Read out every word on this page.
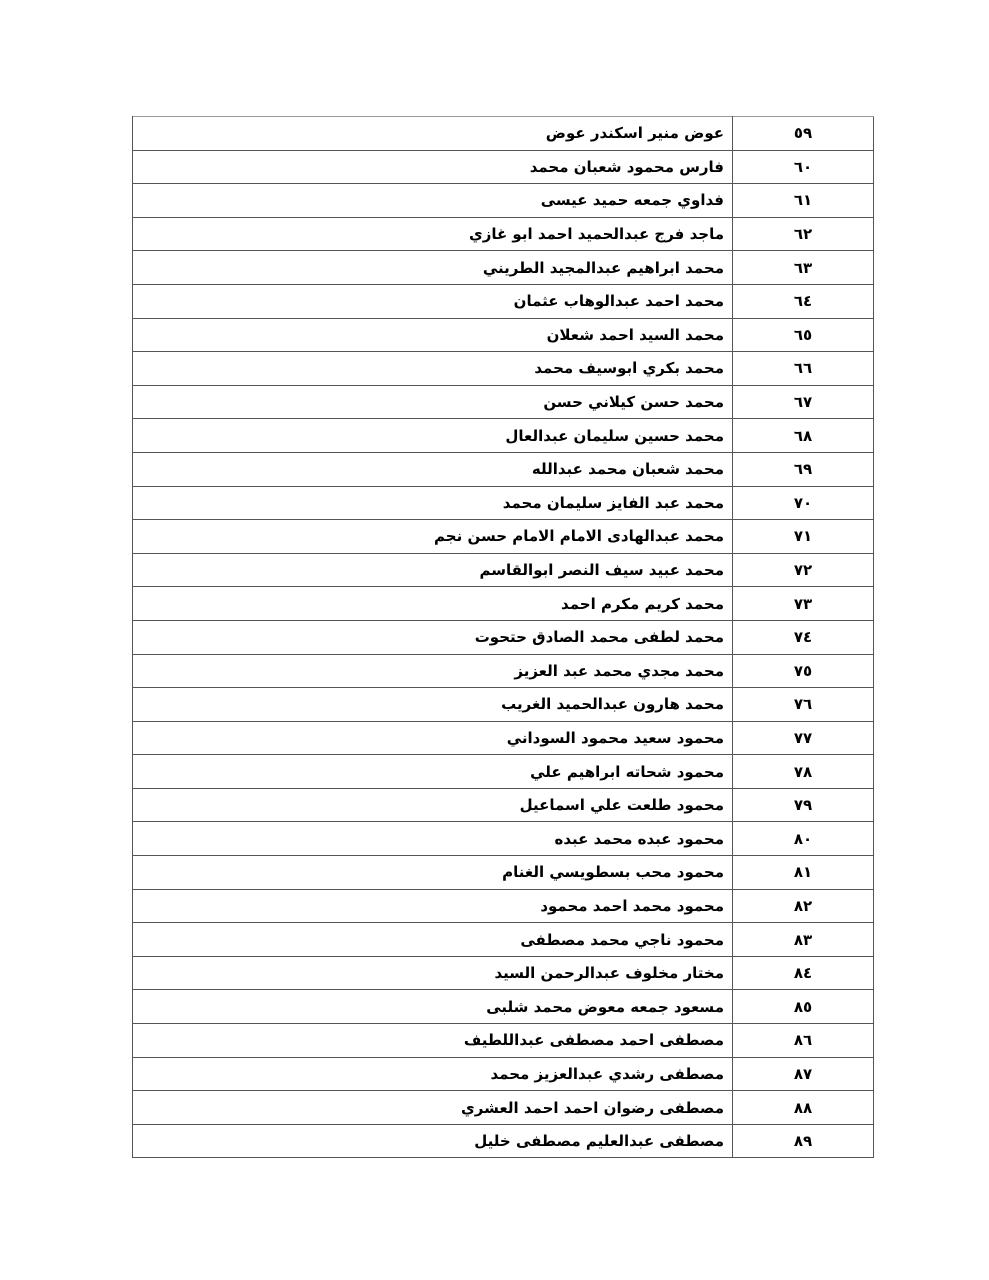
٥٩	عوض منير اسكندر عوض
٦٠	فارس محمود شعبان محمد
٦١	فداوي جمعه حميد عيسى
٦٢	ماجد فرج عبدالحميد احمد ابو غازي
٦٣	محمد ابراهيم عبدالمجيد الطريني
٦٤	محمد احمد عبدالوهاب عثمان
٦٥	محمد السيد احمد شعلان
٦٦	محمد بكري ابوسيف محمد
٦٧	محمد حسن كيلاني حسن
٦٨	محمد حسين سليمان عبدالعال
٦٩	محمد شعبان محمد عبدالله
٧٠	محمد عبد الفايز سليمان محمد
٧١	محمد عبدالهادى الامام الامام حسن نجم
٧٢	محمد عبيد سيف النصر ابوالقاسم
٧٣	محمد كريم مكرم احمد
٧٤	محمد لطفى محمد الصادق حتحوت
٧٥	محمد مجدي محمد عبد العزيز
٧٦	محمد هارون عبدالحميد الغريب
٧٧	محمود سعيد محمود السوداني
٧٨	محمود شحاته ابراهيم علي
٧٩	محمود طلعت علي اسماعيل
٨٠	محمود عبده محمد عبده
٨١	محمود محب بسطويسي الغنام
٨٢	محمود محمد احمد محمود
٨٣	محمود ناجي محمد مصطفى
٨٤	مختار مخلوف عبدالرحمن السيد
٨٥	مسعود جمعه معوض محمد شلبى
٨٦	مصطفى احمد مصطفى عبداللطيف
٨٧	مصطفى رشدي عبدالعزيز محمد
٨٨	مصطفى رضوان احمد احمد العشري
٨٩	مصطفى عبدالعليم مصطفى خليل
